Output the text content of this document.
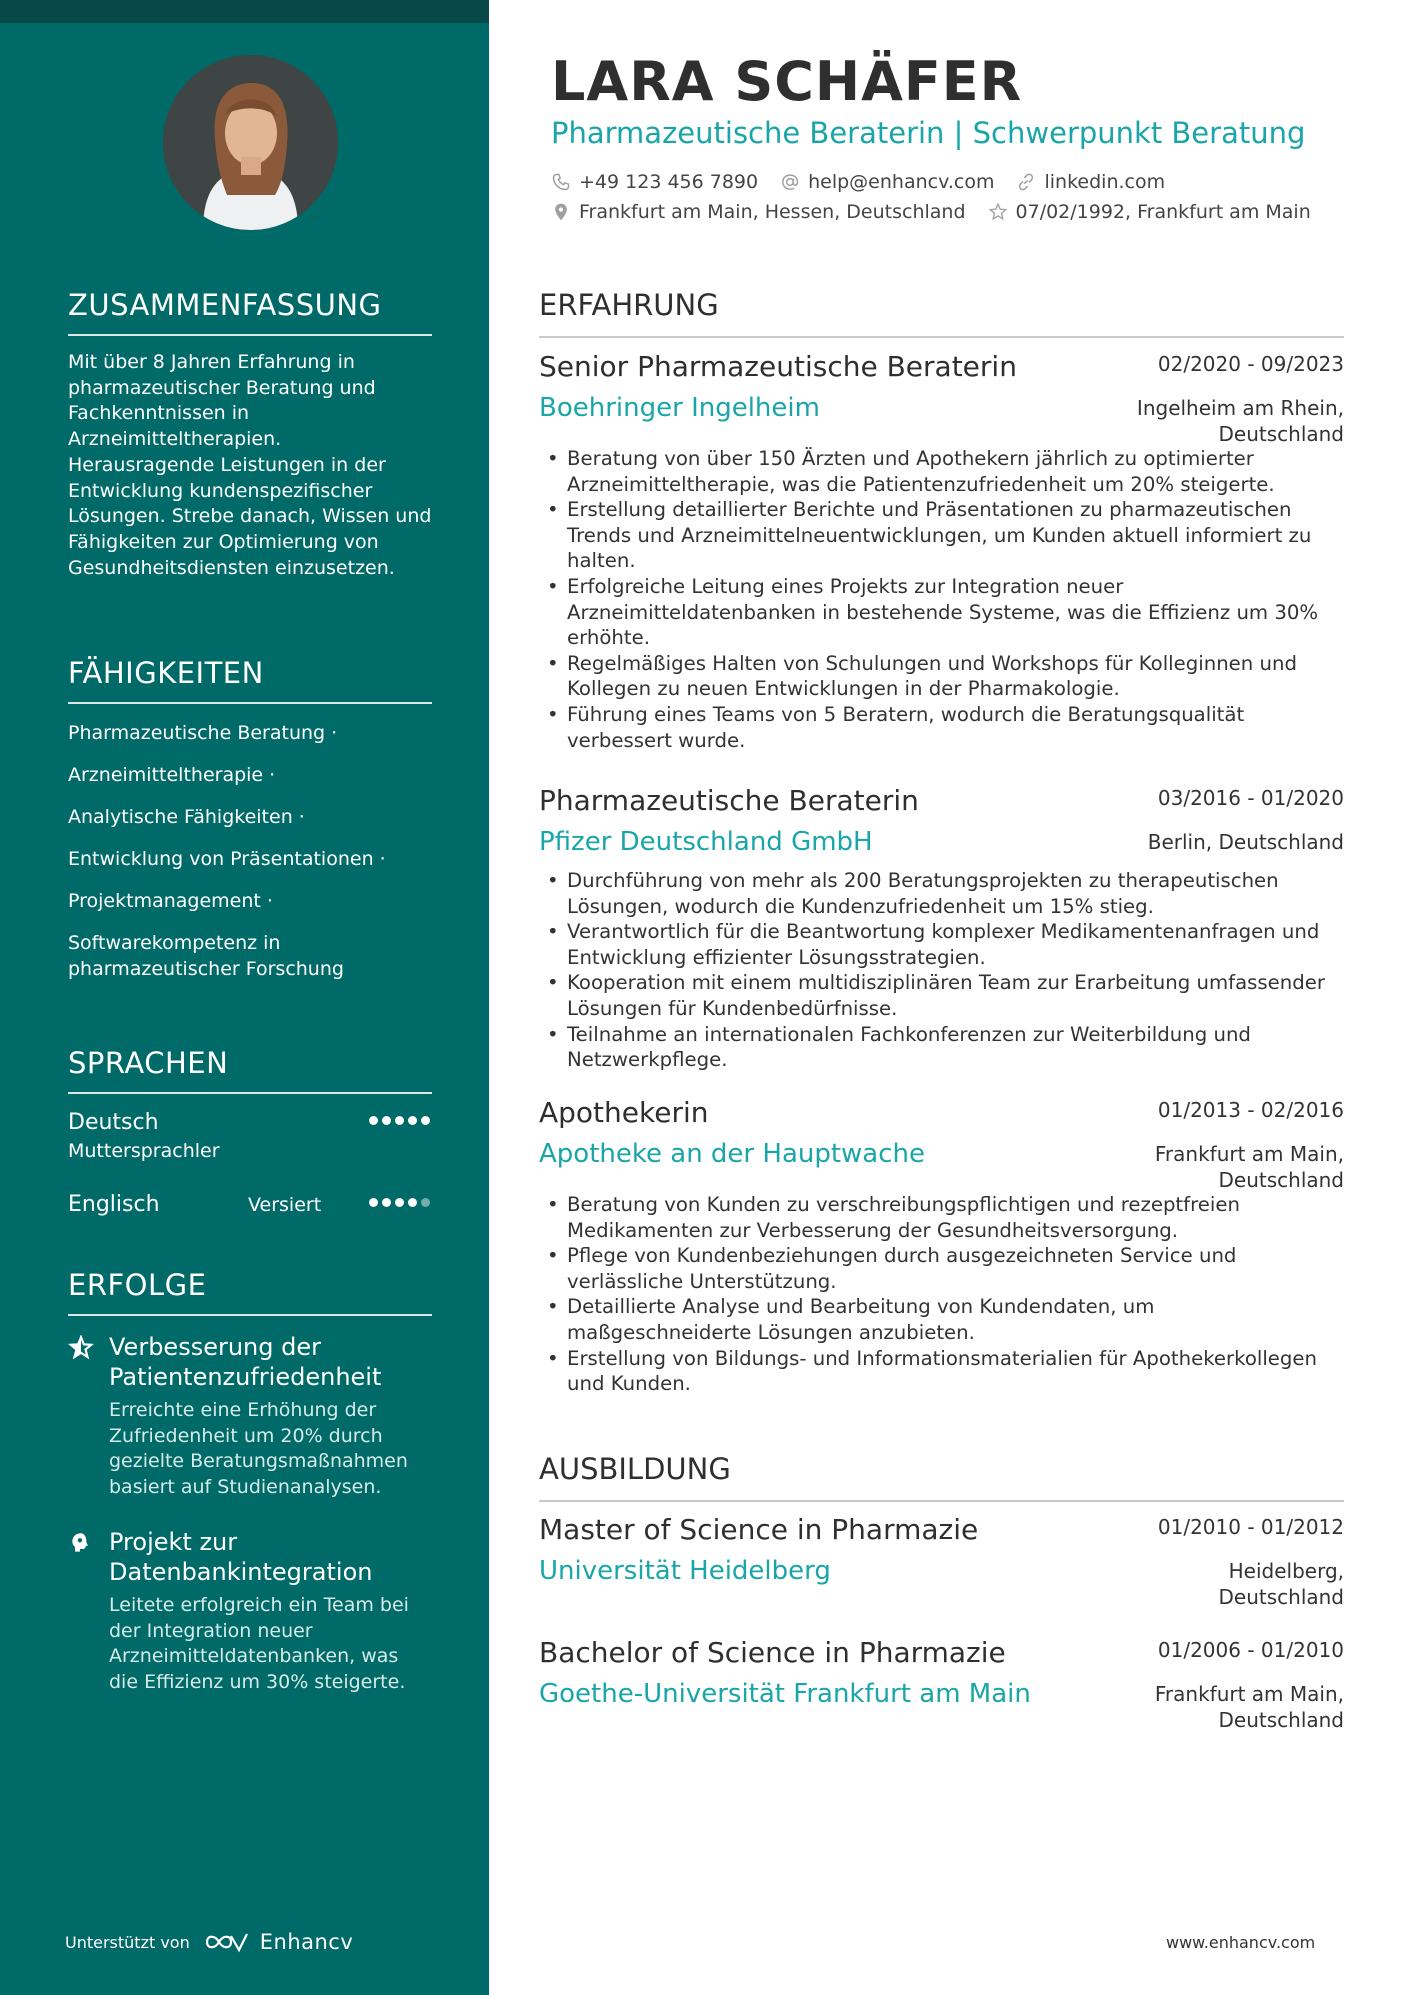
ZUSAMMENFASSUNG

Mit über 8 Jahren Erfahrung in pharmazeutischer Beratung und Fachkenntnissen in Arzneimitteltherapien. Herausragende Leistungen in der Entwicklung kundenspezifischer Lösungen. Strebe danach, Wissen und Fähigkeiten zur Optimierung von Gesundheitsdiensten einzusetzen.

FÄHIGKEITEN
Pharmazeutische Beratung ·
Arzneimitteltherapie ·
Analytische Fähigkeiten ·
Entwicklung von Präsentationen ·
Projektmanagement ·
Softwarekompetenz in pharmazeutischer Forschung
SPRACHEN
Deutsch
Muttersprachler
Englisch	Versiert
ERFOLGE
Verbesserung der Patientenzufriedenheit
Erreichte eine Erhöhung der Zufriedenheit um 20% durch gezielte Beratungsmaßnahmen basiert auf Studienanalysen.
Projekt zur Datenbankintegration
Leitete erfolgreich ein Team bei der Integration neuer Arzneimitteldatenbanken, was die Effizienz um 30% steigerte.
Unterstützt von	Enhancv
LARA SCHÄFER
Pharmazeutische Beraterin | Schwerpunkt Beratung
+49 123 456 7890	help@enhancv.com	linkedin.com
Frankfurt am Main, Hessen, Deutschland	07/02/1992, Frankfurt am Main
ERFAHRUNG
Senior Pharmazeutische Beraterin	02/2020 - 09/2023
Boehringer Ingelheim	Ingelheim am Rhein, Deutschland
• Beratung von über 150 Ärzten und Apothekern jährlich zu optimierter Arzneimitteltherapie, was die Patientenzufriedenheit um 20% steigerte.
• Erstellung detaillierter Berichte und Präsentationen zu pharmazeutischen Trends und Arzneimittelneuentwicklungen, um Kunden aktuell informiert zu halten.
• Erfolgreiche Leitung eines Projekts zur Integration neuer Arzneimitteldatenbanken in bestehende Systeme, was die Effizienz um 30% erhöhte.
• Regelmäßiges Halten von Schulungen und Workshops für Kolleginnen und Kollegen zu neuen Entwicklungen in der Pharmakologie.
• Führung eines Teams von 5 Beratern, wodurch die Beratungsqualität verbessert wurde.
Pharmazeutische Beraterin	03/2016 - 01/2020
Pfizer Deutschland GmbH	Berlin, Deutschland
• Durchführung von mehr als 200 Beratungsprojekten zu therapeutischen Lösungen, wodurch die Kundenzufriedenheit um 15% stieg.
• Verantwortlich für die Beantwortung komplexer Medikamentenanfragen und Entwicklung effizienter Lösungsstrategien.
• Kooperation mit einem multidisziplinären Team zur Erarbeitung umfassender Lösungen für Kundenbedürfnisse.
• Teilnahme an internationalen Fachkonferenzen zur Weiterbildung und Netzwerkpflege.
Apothekerin	01/2013 - 02/2016
Apotheke an der Hauptwache	Frankfurt am Main, Deutschland
• Beratung von Kunden zu verschreibungspflichtigen und rezeptfreien Medikamenten zur Verbesserung der Gesundheitsversorgung.
• Pflege von Kundenbeziehungen durch ausgezeichneten Service und verlässliche Unterstützung.
• Detaillierte Analyse und Bearbeitung von Kundendaten, um maßgeschneiderte Lösungen anzubieten.
• Erstellung von Bildungs- und Informationsmaterialien für Apothekerkollegen und Kunden.
AUSBILDUNG
Master of Science in Pharmazie	01/2010 - 01/2012
Universität Heidelberg	Heidelberg, Deutschland
Bachelor of Science in Pharmazie	01/2006 - 01/2010
Goethe-Universität Frankfurt am Main	Frankfurt am Main, Deutschland
www.enhancv.com
